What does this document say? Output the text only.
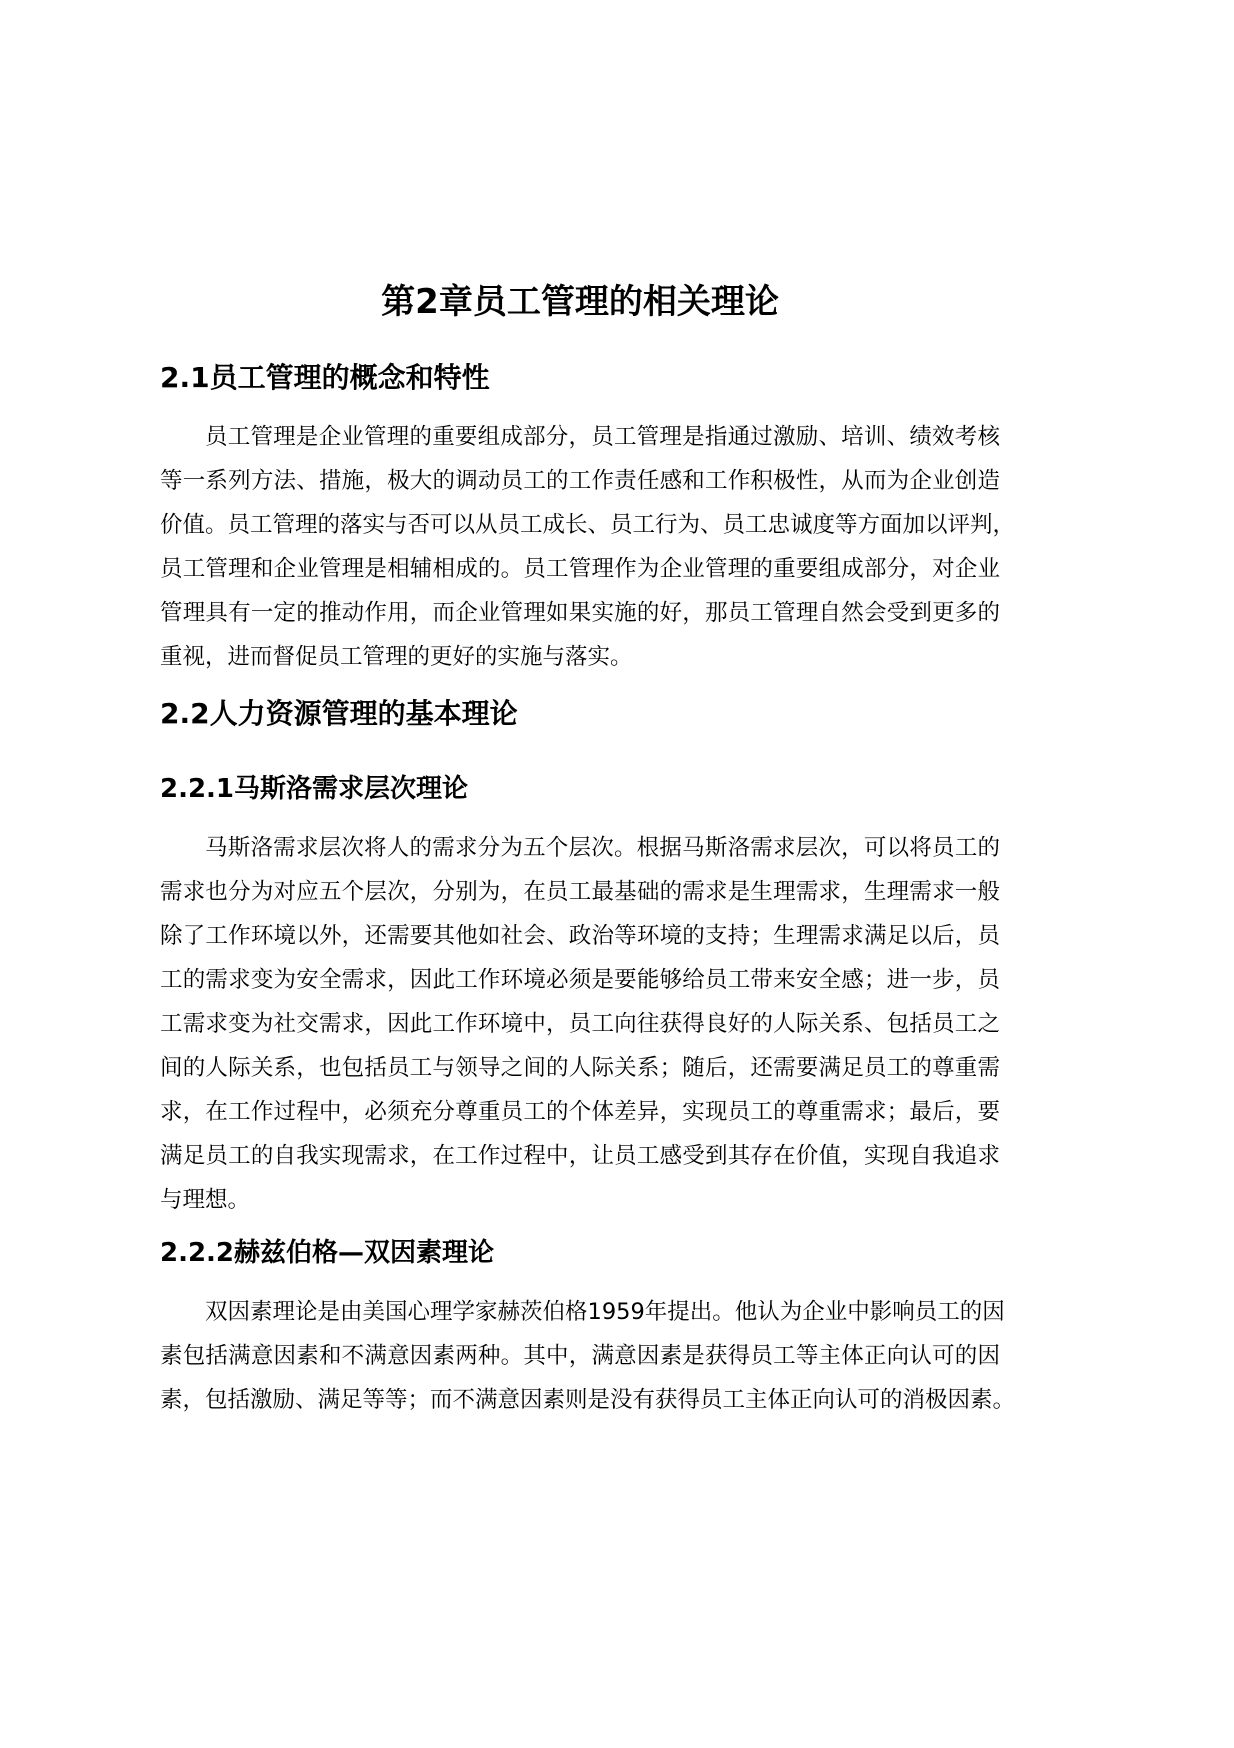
第2章员工管理的相关理论
2.1员工管理的概念和特性
员工管理是企业管理的重要组成部分，员工管理是指通过激励、培训、绩效考核
等一系列方法、措施，极大的调动员工的工作责任感和工作积极性，从而为企业创造
价值。员工管理的落实与否可以从员工成长、员工行为、员工忠诚度等方面加以评判，
员工管理和企业管理是相辅相成的。员工管理作为企业管理的重要组成部分，对企业
管理具有一定的推动作用，而企业管理如果实施的好，那员工管理自然会受到更多的
重视，进而督促员工管理的更好的实施与落实。
2.2人力资源管理的基本理论
2.2.1马斯洛需求层次理论
马斯洛需求层次将人的需求分为五个层次。根据马斯洛需求层次，可以将员工的
需求也分为对应五个层次，分别为，在员工最基础的需求是生理需求，生理需求一般
除了工作环境以外，还需要其他如社会、政治等环境的支持；生理需求满足以后，员
工的需求变为安全需求，因此工作环境必须是要能够给员工带来安全感；进一步，员
工需求变为社交需求，因此工作环境中，员工向往获得良好的人际关系、包括员工之
间的人际关系，也包括员工与领导之间的人际关系；随后，还需要满足员工的尊重需
求，在工作过程中，必须充分尊重员工的个体差异，实现员工的尊重需求；最后，要
满足员工的自我实现需求，在工作过程中，让员工感受到其存在价值，实现自我追求
与理想。
2.2.2赫兹伯格—双因素理论
双因素理论是由美国心理学家赫茨伯格1959年提出。他认为企业中影响员工的因
素包括满意因素和不满意因素两种。其中，满意因素是获得员工等主体正向认可的因
素，包括激励、满足等等；而不满意因素则是没有获得员工主体正向认可的消极因素。
